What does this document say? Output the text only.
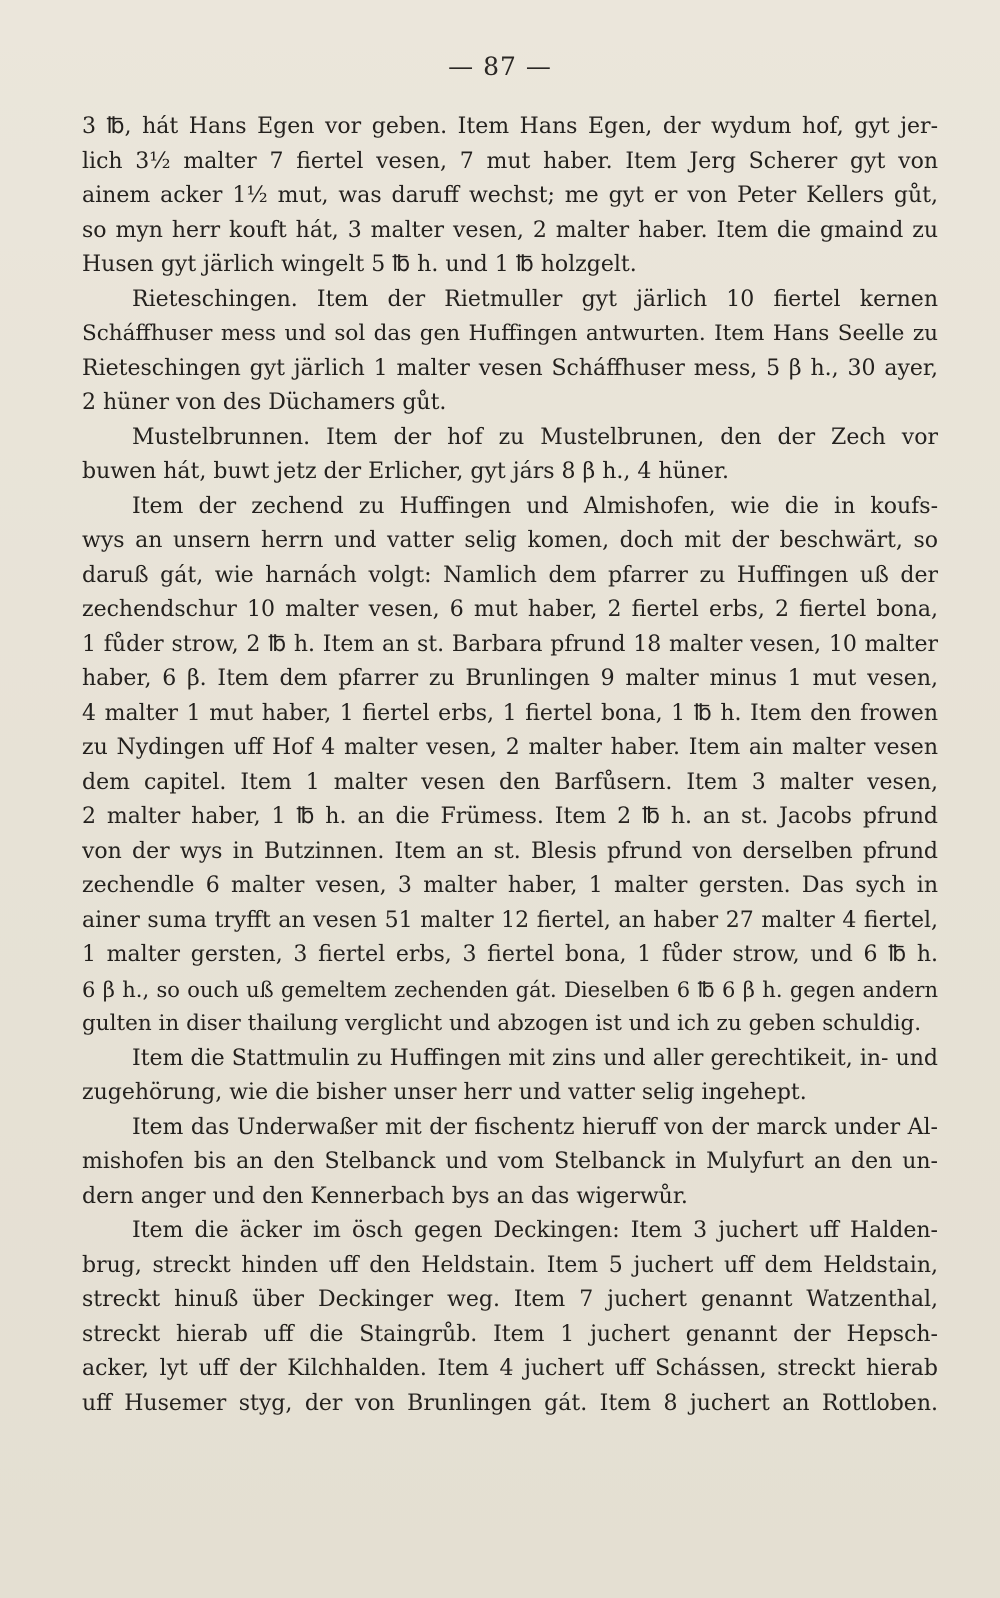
— 87 —
3 ℔, hát Hans Egen vor geben. Item Hans Egen, der wydum hof, gyt jer-
lich 3½ malter 7 fiertel vesen, 7 mut haber. Item Jerg Scherer gyt von
ainem acker 1½ mut, was daruff wechst; me gyt er von Peter Kellers gůt,
so myn herr kouft hát, 3 malter vesen, 2 malter haber. Item die gmaind zu
Husen gyt järlich wingelt 5 ℔ h. und 1 ℔ holzgelt.
Rieteschingen. Item der Rietmuller gyt järlich 10 fiertel kernen
Scháffhuser mess und sol das gen Huffingen antwurten. Item Hans Seelle zu
Rieteschingen gyt järlich 1 malter vesen Scháffhuser mess, 5 β h., 30 ayer,
2 hüner von des Düchamers gůt.
Mustelbrunnen. Item der hof zu Mustelbrunen, den der Zech vor
buwen hát, buwt jetz der Erlicher, gyt járs 8 β h., 4 hüner.
Item der zechend zu Huffingen und Almishofen, wie die in koufs-
wys an unsern herrn und vatter selig komen, doch mit der beschwärt, so
daruß gát, wie harnách volgt: Namlich dem pfarrer zu Huffingen uß der
zechendschur 10 malter vesen, 6 mut haber, 2 fiertel erbs, 2 fiertel bona,
1 fůder strow, 2 ℔ h. Item an st. Barbara pfrund 18 malter vesen, 10 malter
haber, 6 β. Item dem pfarrer zu Brunlingen 9 malter minus 1 mut vesen,
4 malter 1 mut haber, 1 fiertel erbs, 1 fiertel bona, 1 ℔ h. Item den frowen
zu Nydingen uff Hof 4 malter vesen, 2 malter haber. Item ain malter vesen
dem capitel. Item 1 malter vesen den Barfůsern. Item 3 malter vesen,
2 malter haber, 1 ℔ h. an die Frümess. Item 2 ℔ h. an st. Jacobs pfrund
von der wys in Butzinnen. Item an st. Blesis pfrund von derselben pfrund
zechendle 6 malter vesen, 3 malter haber, 1 malter gersten. Das sych in
ainer suma tryfft an vesen 51 malter 12 fiertel, an haber 27 malter 4 fiertel,
1 malter gersten, 3 fiertel erbs, 3 fiertel bona, 1 fůder strow, und 6 ℔ h.
6 β h., so ouch uß gemeltem zechenden gát. Dieselben 6 ℔ 6 β h. gegen andern
gulten in diser thailung verglicht und abzogen ist und ich zu geben schuldig.
Item die Stattmulin zu Huffingen mit zins und aller gerechtikeit, in- und
zugehörung, wie die bisher unser herr und vatter selig ingehept.
Item das Underwaßer mit der fischentz hieruff von der marck under Al-
mishofen bis an den Stelbanck und vom Stelbanck in Mulyfurt an den un-
dern anger und den Kennerbach bys an das wigerwůr.
Item die äcker im ösch gegen Deckingen: Item 3 juchert uff Halden-
brug, streckt hinden uff den Heldstain. Item 5 juchert uff dem Heldstain,
streckt hinuß über Deckinger weg. Item 7 juchert genannt Watzenthal,
streckt hierab uff die Staingrůb. Item 1 juchert genannt der Hepsch-
acker, lyt uff der Kilchhalden. Item 4 juchert uff Schássen, streckt hierab
uff Husemer styg, der von Brunlingen gát. Item 8 juchert an Rottloben.
